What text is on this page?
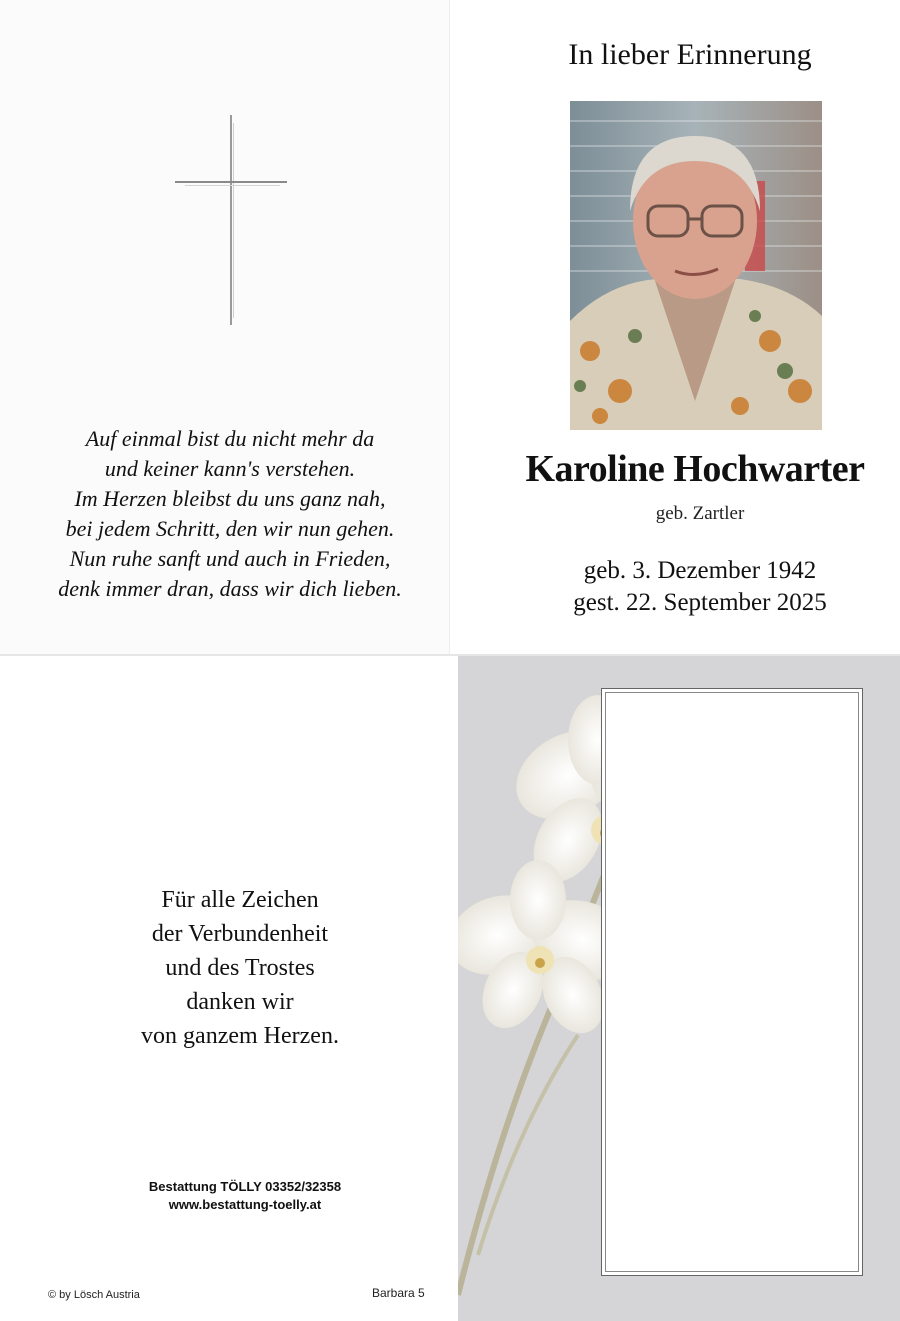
Auf einmal bist du nicht mehr da
und keiner kann's verstehen.
Im Herzen bleibst du uns ganz nah,
bei jedem Schritt, den wir nun gehen.
Nun ruhe sanft und auch in Frieden,
denk immer dran, dass wir dich lieben.
In lieber Erinnerung
Karoline Hochwarter
geb. Zartler
geb. 3. Dezember 1942
gest. 22. September 2025
Für alle Zeichen
der Verbundenheit
und des Trostes
danken wir
von ganzem Herzen.
Bestattung TÖLLY 03352/32358
www.bestattung-toelly.at
© by Lösch Austria	Barbara 5
